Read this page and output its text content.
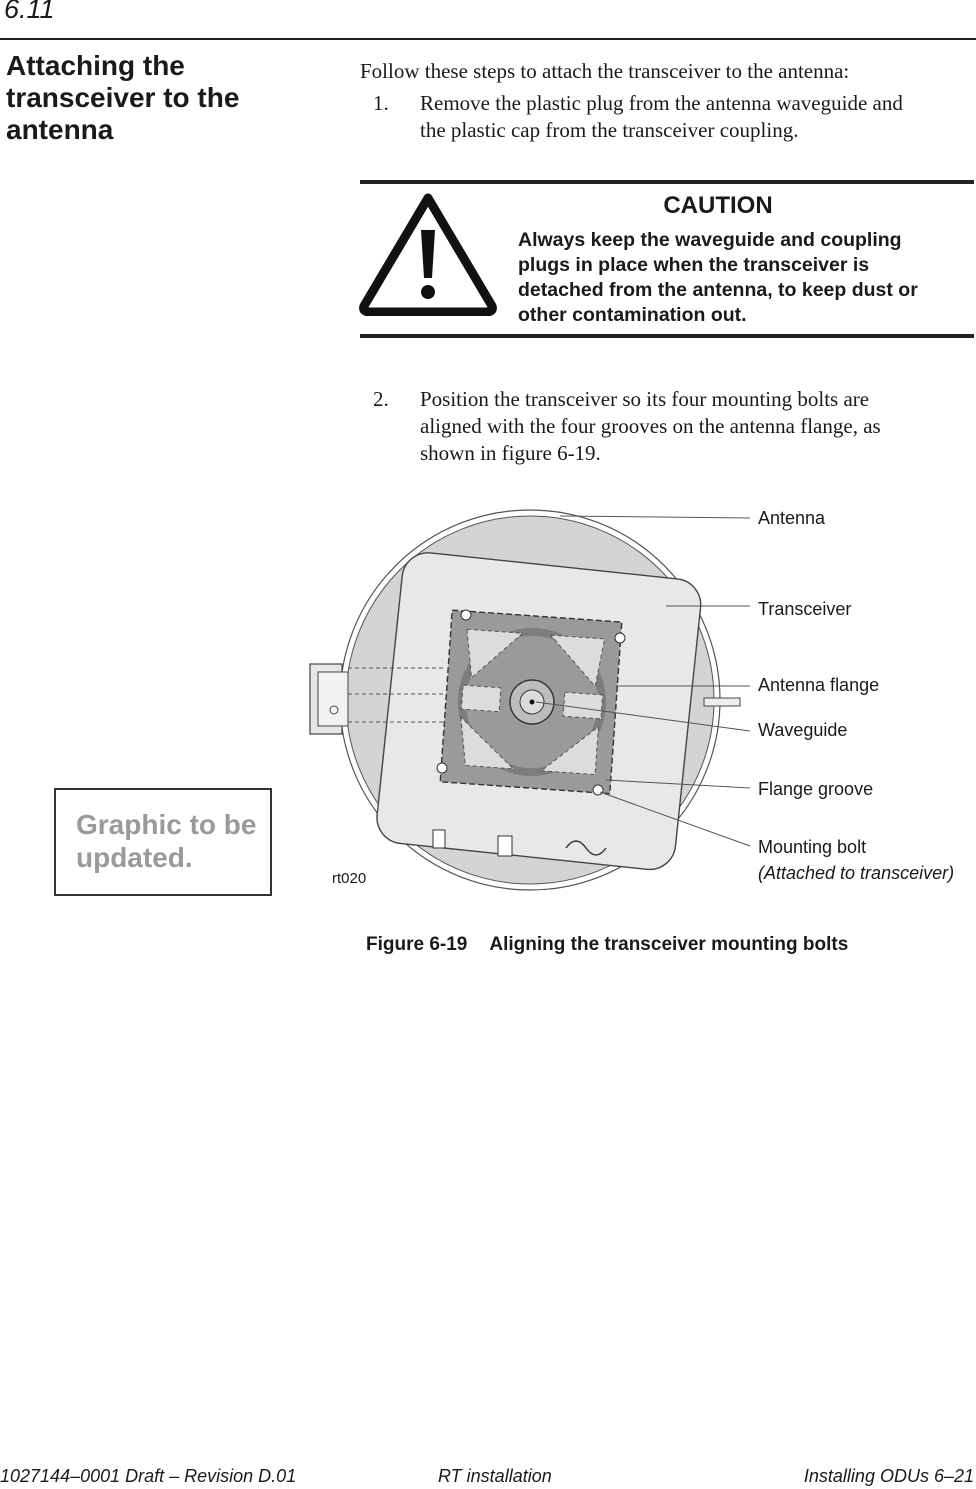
6.11
Attaching the
transceiver to the
antenna
Follow these steps to attach the transceiver to the antenna:
1. Remove the plastic plug from the antenna waveguide and
the plastic cap from the transceiver coupling.
CAUTION
Always keep the waveguide and coupling
plugs in place when the transceiver is
detached from the antenna, to keep dust or
other contamination out.
2. Position the transceiver so its four mounting bolts are
aligned with the four grooves on the antenna flange, as
shown in figure 6-19.
Antenna
Transceiver
Antenna flange
Waveguide
Flange groove
Mounting bolt
(Attached to transceiver)
rt020
Graphic to be
updated.
Figure 6-19 Aligning the transceiver mounting bolts
1027144–0001 Draft – Revision D.01	RT installation	Installing ODUs 6–21
